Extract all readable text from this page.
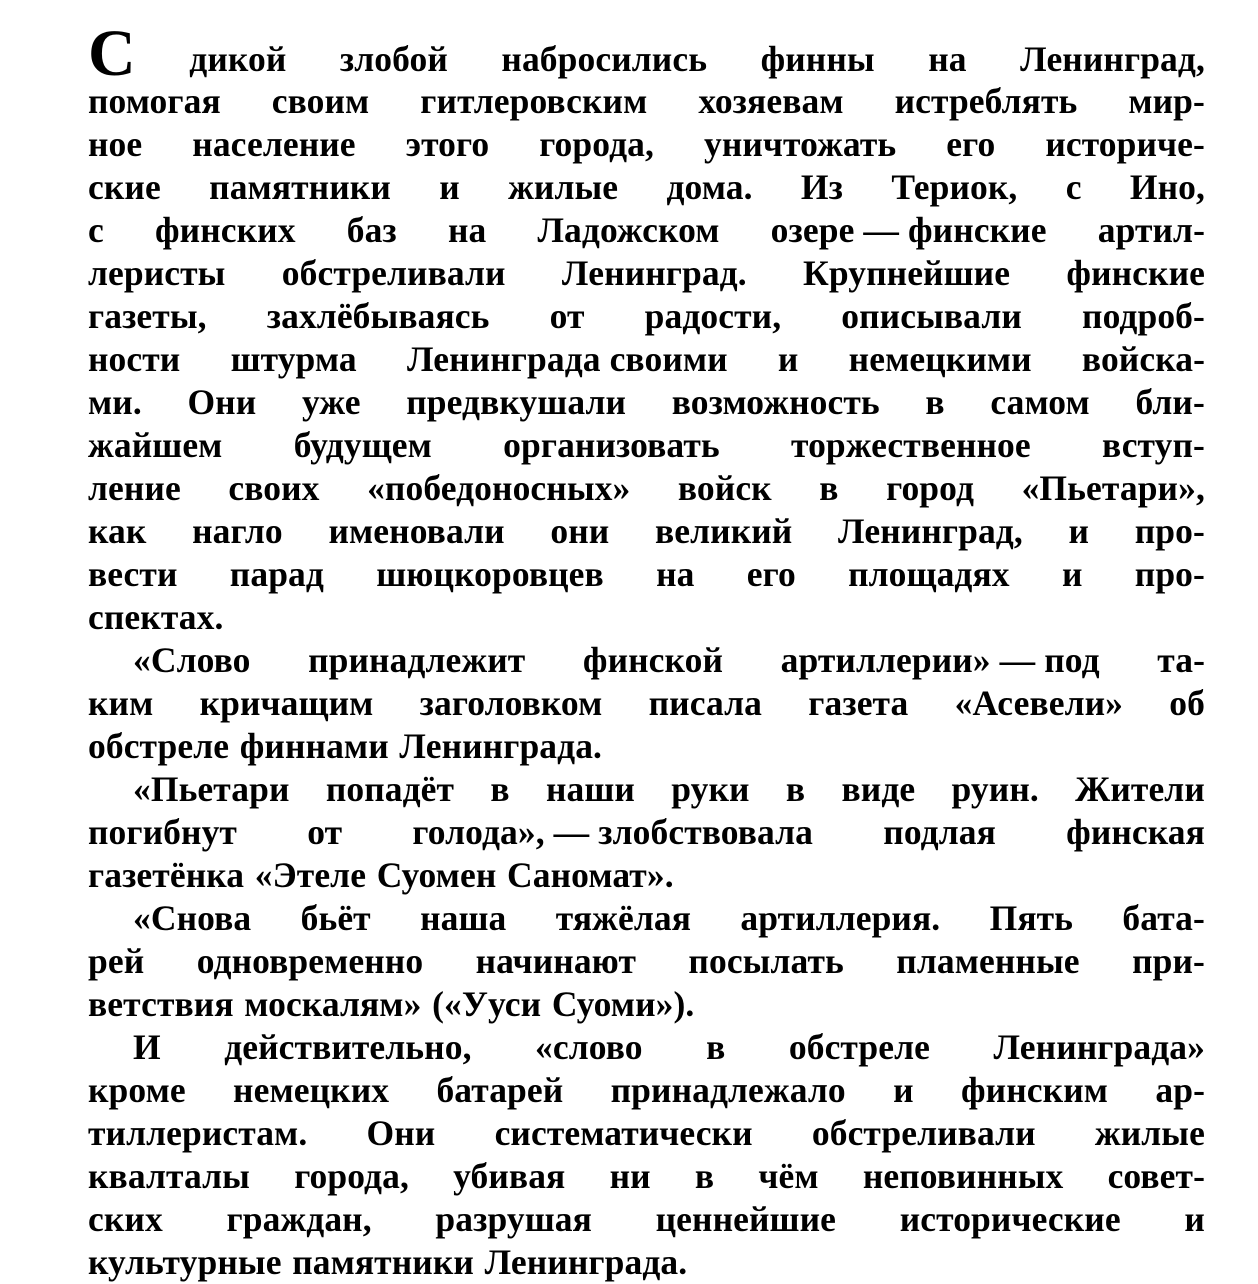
С дикой злобой набросились финны на Ленинград,
помогая своим гитлеровским хозяевам истреблять мир-
ное население этого города, уничтожать его историче-
ские памятники и жилые дома. Из Териок, с Ино,
с финских баз на Ладожском озере — финские артил-
леристы обстреливали Ленинград. Крупнейшие финские
газеты, захлёбываясь от радости, описывали подроб-
ности штурма Ленинграда своими и немецкими войска-
ми. Они уже предвкушали возможность в самом бли-
жайшем будущем организовать торжественное вступ-
ление своих «победоносных» войск в город «Пьетари»,
как нагло именовали они великий Ленинград, и про-
вести парад шюцкоровцев на его площадях и про-
спектах.
«Слово принадлежит финской артиллерии» — под та-
ким кричащим заголовком писала газета «Асевели» об
обстреле финнами Ленинграда.
«Пьетари попадёт в наши руки в виде руин. Жители
погибнут от голода», — злобствовала подлая финская
газетёнка «Этеле Суомен Саномат».
«Снова бьёт наша тяжёлая артиллерия. Пять бата-
рей одновременно начинают посылать пламенные при-
ветствия москалям» («Ууси Суоми»).
И действительно, «слово в обстреле Ленинграда»
кроме немецких батарей принадлежало и финским ар-
тиллеристам. Они систематически обстреливали жилые
квалталы города, убивая ни в чём неповинных совет-
ских граждан, разрушая ценнейшие исторические и
культурные памятники Ленинграда.
